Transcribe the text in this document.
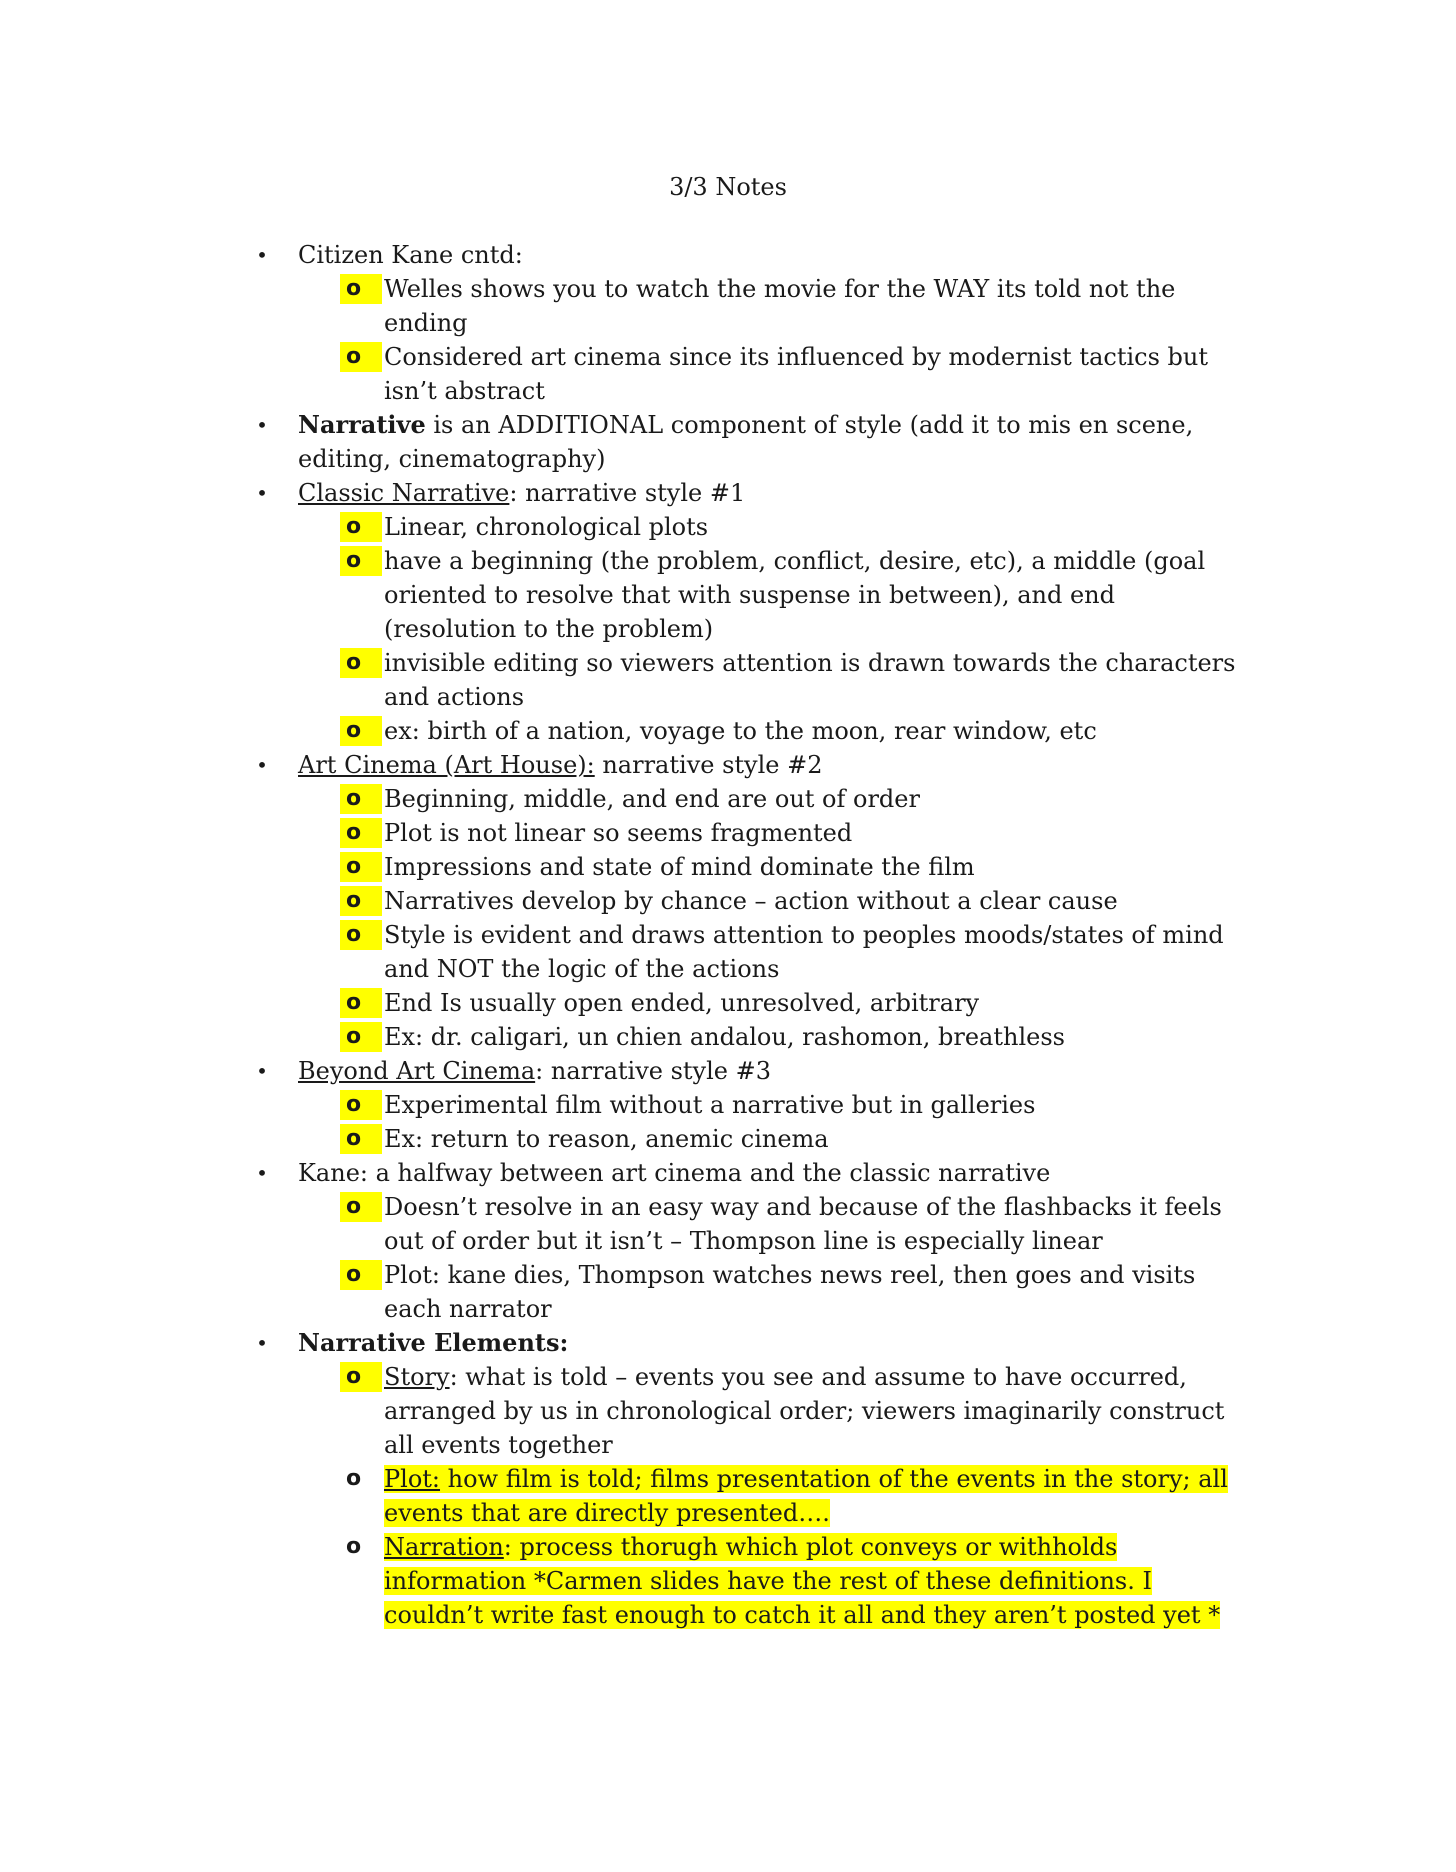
3/3 Notes
• Citizen Kane cntd:
o Welles shows you to watch the movie for the WAY its told not the ending
o Considered art cinema since its influenced by modernist tactics but isn’t abstract
• Narrative is an ADDITIONAL component of style (add it to mis en scene, editing, cinematography)
• Classic Narrative: narrative style #1
o Linear, chronological plots
o have a beginning (the problem, conflict, desire, etc), a middle (goal oriented to resolve that with suspense in between), and end (resolution to the problem)
o invisible editing so viewers attention is drawn towards the characters and actions
o ex: birth of a nation, voyage to the moon, rear window, etc
• Art Cinema (Art House): narrative style #2
o Beginning, middle, and end are out of order
o Plot is not linear so seems fragmented
o Impressions and state of mind dominate the film
o Narratives develop by chance – action without a clear cause
o Style is evident and draws attention to peoples moods/states of mind and NOT the logic of the actions
o End Is usually open ended, unresolved, arbitrary
o Ex: dr. caligari, un chien andalou, rashomon, breathless
• Beyond Art Cinema: narrative style #3
o Experimental film without a narrative but in galleries
o Ex: return to reason, anemic cinema
• Kane: a halfway between art cinema and the classic narrative
o Doesn’t resolve in an easy way and because of the flashbacks it feels out of order but it isn’t – Thompson line is especially linear
o Plot: kane dies, Thompson watches news reel, then goes and visits each narrator
• Narrative Elements:
o Story: what is told – events you see and assume to have occurred, arranged by us in chronological order; viewers imaginarily construct all events together
o Plot: how film is told; films presentation of the events in the story; all events that are directly presented….
o Narration: process thorugh which plot conveys or withholds information *Carmen slides have the rest of these definitions. I couldn’t write fast enough to catch it all and they aren’t posted yet *
